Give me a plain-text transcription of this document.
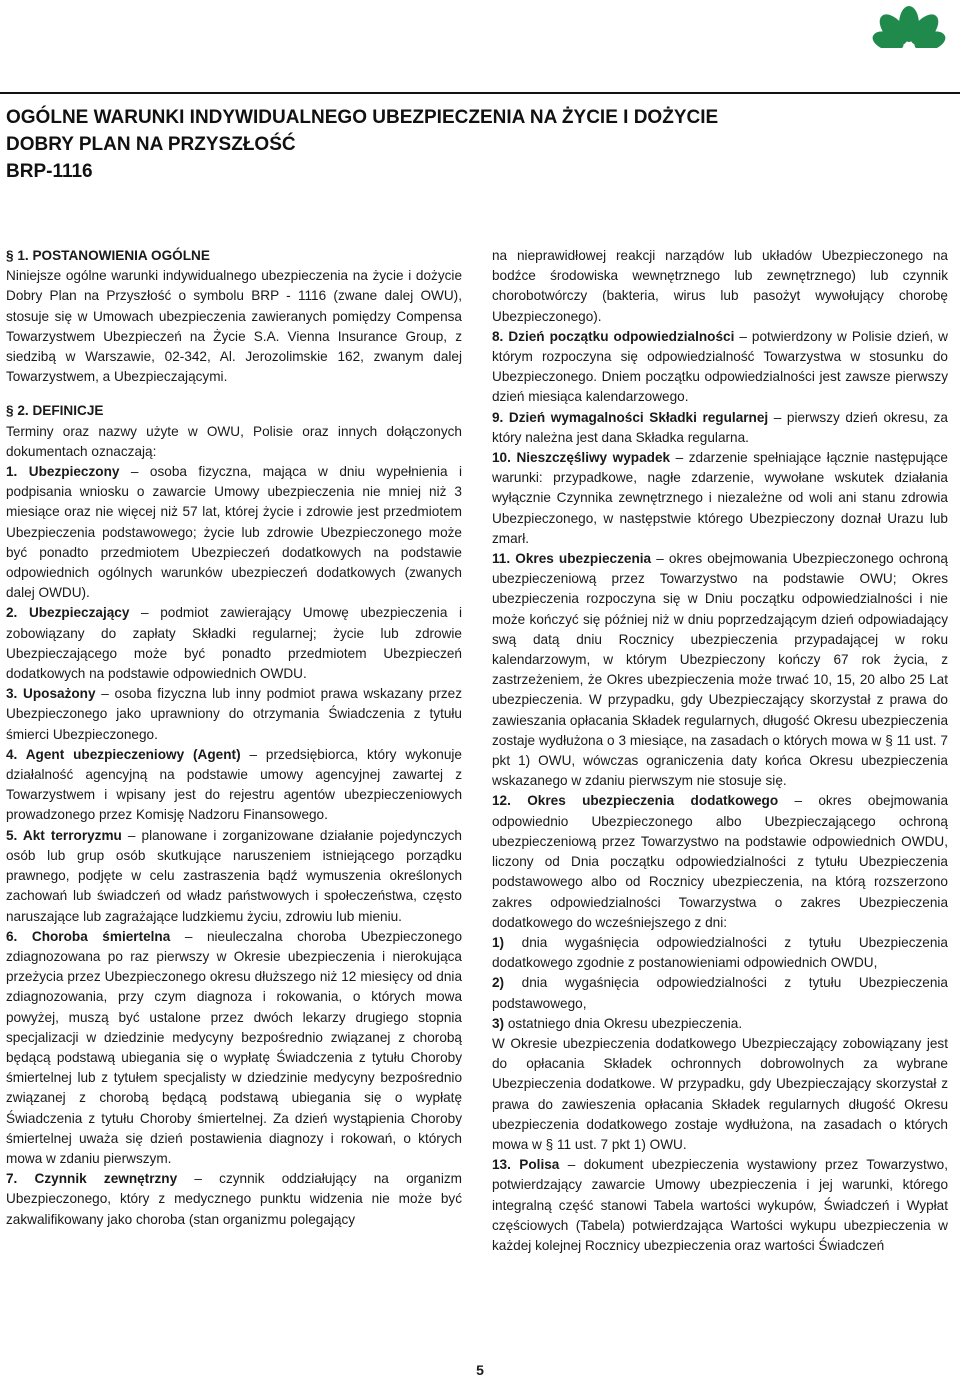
OGÓLNE WARUNKI INDYWIDUALNEGO UBEZPIECZENIA NA ŻYCIE I DOŻYCIE
DOBRY PLAN NA PRZYSZŁOŚĆ
BRP-1116
§ 1. POSTANOWIENIA OGÓLNE

Niniejsze ogólne warunki indywidualnego ubezpieczenia na życie i dożycie Dobry Plan na Przyszłość o symbolu BRP - 1116 (zwane dalej OWU), stosuje się w Umowach ubezpieczenia zawieranych pomiędzy Compensa Towarzystwem Ubezpieczeń na Życie S.A. Vienna Insurance Group, z siedzibą w Warszawie, 02-342, Al. Jerozolimskie 162, zwanym dalej Towarzystwem, a Ubezpieczającymi.

§ 2. DEFINICJE

Terminy oraz nazwy użyte w OWU, Polisie oraz innych dołączonych dokumentach oznaczają:

1. Ubezpieczony – osoba fizyczna, mająca w dniu wypełnienia i podpisania wniosku o zawarcie Umowy ubezpieczenia nie mniej niż 3 miesiące oraz nie więcej niż 57 lat, której życie i zdrowie jest przedmiotem Ubezpieczenia podstawowego; życie lub zdrowie Ubezpieczonego może być ponadto przedmiotem Ubezpieczeń dodatkowych na podstawie odpowiednich ogólnych warunków ubezpieczeń dodatkowych (zwanych dalej OWDU).

2. Ubezpieczający – podmiot zawierający Umowę ubezpieczenia i zobowiązany do zapłaty Składki regularnej; życie lub zdrowie Ubezpieczającego może być ponadto przedmiotem Ubezpieczeń dodatkowych na podstawie odpowiednich OWDU.

3. Uposażony – osoba fizyczna lub inny podmiot prawa wskazany przez Ubezpieczonego jako uprawniony do otrzymania Świadczenia z tytułu śmierci Ubezpieczonego.

4. Agent ubezpieczeniowy (Agent) – przedsiębiorca, który wykonuje działalność agencyjną na podstawie umowy agencyjnej zawartej z Towarzystwem i wpisany jest do rejestru agentów ubezpieczeniowych prowadzonego przez Komisję Nadzoru Finansowego.

5. Akt terroryzmu – planowane i zorganizowane działanie pojedynczych osób lub grup osób skutkujące naruszeniem istniejącego porządku prawnego, podjęte w celu zastraszenia bądź wymuszenia określonych zachowań lub świadczeń od władz państwowych i społeczeństwa, często naruszające lub zagrażające ludzkiemu życiu, zdrowiu lub mieniu.

6. Choroba śmiertelna – nieuleczalna choroba Ubezpieczonego zdiagnozowana po raz pierwszy w Okresie ubezpieczenia i nierokująca przeżycia przez Ubezpieczonego okresu dłuższego niż 12 miesięcy od dnia zdiagnozowania, przy czym diagnoza i rokowania, o których mowa powyżej, muszą być ustalone przez dwóch lekarzy drugiego stopnia specjalizacji w dziedzinie medycyny bezpośrednio związanej z chorobą będącą podstawą ubiegania się o wypłatę Świadczenia z tytułu Choroby śmiertelnej lub z tytułem specjalisty w dziedzinie medycyny bezpośrednio związanej z chorobą będącą podstawą ubiegania się o wypłatę Świadczenia z tytułu Choroby śmiertelnej. Za dzień wystąpienia Choroby śmiertelnej uważa się dzień postawienia diagnozy i rokowań, o których mowa w zdaniu pierwszym.

7. Czynnik zewnętrzny – czynnik oddziałujący na organizm Ubezpieczonego, który z medycznego punktu widzenia nie może być zakwalifikowany jako choroba (stan organizmu polegający

na nieprawidłowej reakcji narządów lub układów Ubezpieczonego na bodźce środowiska wewnętrznego lub zewnętrznego) lub czynnik chorobotwórczy (bakteria, wirus lub pasożyt wywołujący chorobę Ubezpieczonego).

8. Dzień początku odpowiedzialności – potwierdzony w Polisie dzień, w którym rozpoczyna się odpowiedzialność Towarzystwa w stosunku do Ubezpieczonego. Dniem początku odpowiedzialności jest zawsze pierwszy dzień miesiąca kalendarzowego.

9. Dzień wymagalności Składki regularnej – pierwszy dzień okresu, za który należna jest dana Składka regularna.

10. Nieszczęśliwy wypadek – zdarzenie spełniające łącznie następujące warunki: przypadkowe, nagłe zdarzenie, wywołane wskutek działania wyłącznie Czynnika zewnętrznego i niezależne od woli ani stanu zdrowia Ubezpieczonego, w następstwie którego Ubezpieczony doznał Urazu lub zmarł.

11. Okres ubezpieczenia – okres obejmowania Ubezpieczonego ochroną ubezpieczeniową przez Towarzystwo na podstawie OWU; Okres ubezpieczenia rozpoczyna się w Dniu początku odpowiedzialności i nie może kończyć się później niż w dniu poprzedzającym dzień odpowiadający swą datą dniu Rocznicy ubezpieczenia przypadającej w roku kalendarzowym, w którym Ubezpieczony kończy 67 rok życia, z zastrzeżeniem, że Okres ubezpieczenia może trwać 10, 15, 20 albo 25 Lat ubezpieczenia. W przypadku, gdy Ubezpieczający skorzystał z prawa do zawieszania opłacania Składek regularnych, długość Okresu ubezpieczenia zostaje wydłużona o 3 miesiące, na zasadach o których mowa w § 11 ust. 7 pkt 1) OWU, wówczas ograniczenia daty końca Okresu ubezpieczenia wskazanego w zdaniu pierwszym nie stosuje się.

12. Okres ubezpieczenia dodatkowego – okres obejmowania odpowiednio Ubezpieczonego albo Ubezpieczającego ochroną ubezpieczeniową przez Towarzystwo na podstawie odpowiednich OWDU, liczony od Dnia początku odpowiedzialności z tytułu Ubezpieczenia podstawowego albo od Rocznicy ubezpieczenia, na którą rozszerzono zakres odpowiedzialności Towarzystwa o zakres Ubezpieczenia dodatkowego do wcześniejszego z dni:

1) dnia wygaśnięcia odpowiedzialności z tytułu Ubezpieczenia dodatkowego zgodnie z postanowieniami odpowiednich OWDU,

2) dnia wygaśnięcia odpowiedzialności z tytułu Ubezpieczenia podstawowego,

3) ostatniego dnia Okresu ubezpieczenia.

W Okresie ubezpieczenia dodatkowego Ubezpieczający zobowiązany jest do opłacania Składek ochronnych dobrowolnych za wybrane Ubezpieczenia dodatkowe. W przypadku, gdy Ubezpieczający skorzystał z prawa do zawieszenia opłacania Składek regularnych długość Okresu ubezpieczenia dodatkowego zostaje wydłużona, na zasadach o których mowa w § 11 ust. 7 pkt 1) OWU.

13. Polisa – dokument ubezpieczenia wystawiony przez Towarzystwo, potwierdzający zawarcie Umowy ubezpieczenia i jej warunki, którego integralną część stanowi Tabela wartości wykupów, Świadczeń i Wypłat częściowych (Tabela) potwierdzająca Wartości wykupu ubezpieczenia w każdej kolejnej Rocznicy ubezpieczenia oraz wartości Świadczeń

5
